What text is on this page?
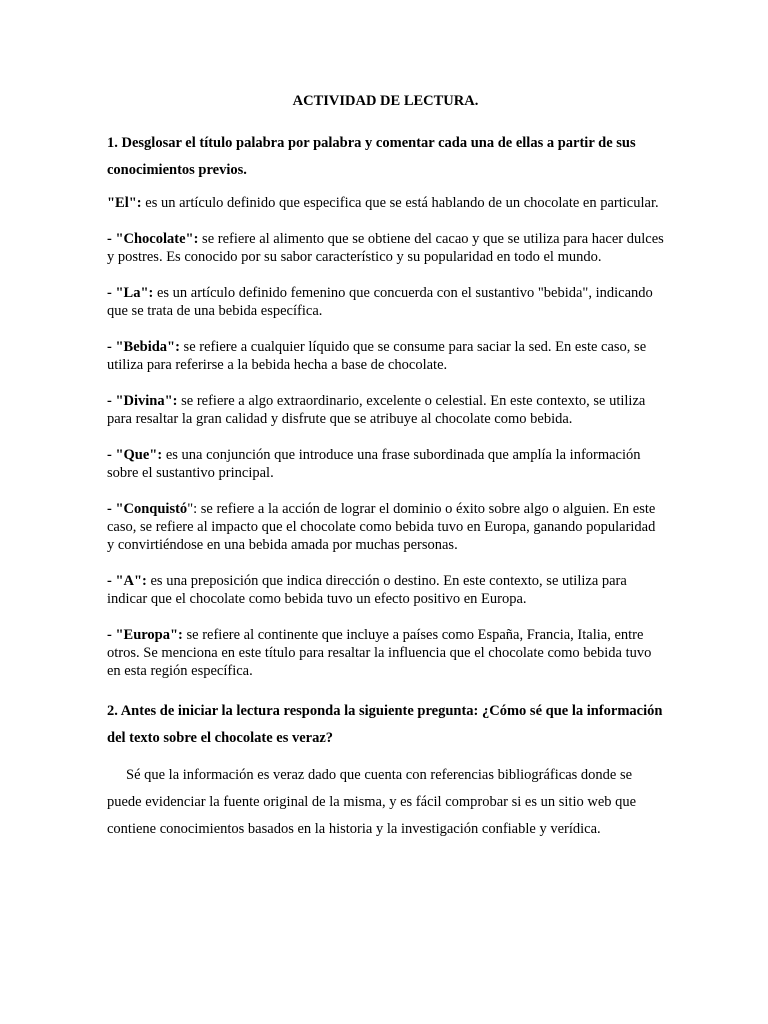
ACTIVIDAD DE LECTURA.

1. Desglosar el título palabra por palabra y comentar cada una de ellas a partir de sus conocimientos previos.

"El": es un artículo definido que especifica que se está hablando de un chocolate en particular.

- "Chocolate": se refiere al alimento que se obtiene del cacao y que se utiliza para hacer dulces y postres. Es conocido por su sabor característico y su popularidad en todo el mundo.

- "La": es un artículo definido femenino que concuerda con el sustantivo "bebida", indicando que se trata de una bebida específica.

- "Bebida": se refiere a cualquier líquido que se consume para saciar la sed. En este caso, se utiliza para referirse a la bebida hecha a base de chocolate.

- "Divina": se refiere a algo extraordinario, excelente o celestial. En este contexto, se utiliza para resaltar la gran calidad y disfrute que se atribuye al chocolate como bebida.

- "Que": es una conjunción que introduce una frase subordinada que amplía la información sobre el sustantivo principal.

- "Conquistó": se refiere a la acción de lograr el dominio o éxito sobre algo o alguien. En este caso, se refiere al impacto que el chocolate como bebida tuvo en Europa, ganando popularidad y convirtiéndose en una bebida amada por muchas personas.

- "A": es una preposición que indica dirección o destino. En este contexto, se utiliza para indicar que el chocolate como bebida tuvo un efecto positivo en Europa.

- "Europa": se refiere al continente que incluye a países como España, Francia, Italia, entre otros. Se menciona en este título para resaltar la influencia que el chocolate como bebida tuvo en esta región específica.

2. Antes de iniciar la lectura responda la siguiente pregunta: ¿Cómo sé que la información del texto sobre el chocolate es veraz?

Sé que la información es veraz dado que cuenta con referencias bibliográficas donde se puede evidenciar la fuente original de la misma, y es fácil comprobar si es un sitio web que contiene conocimientos basados en la historia y la investigación confiable y verídica.
